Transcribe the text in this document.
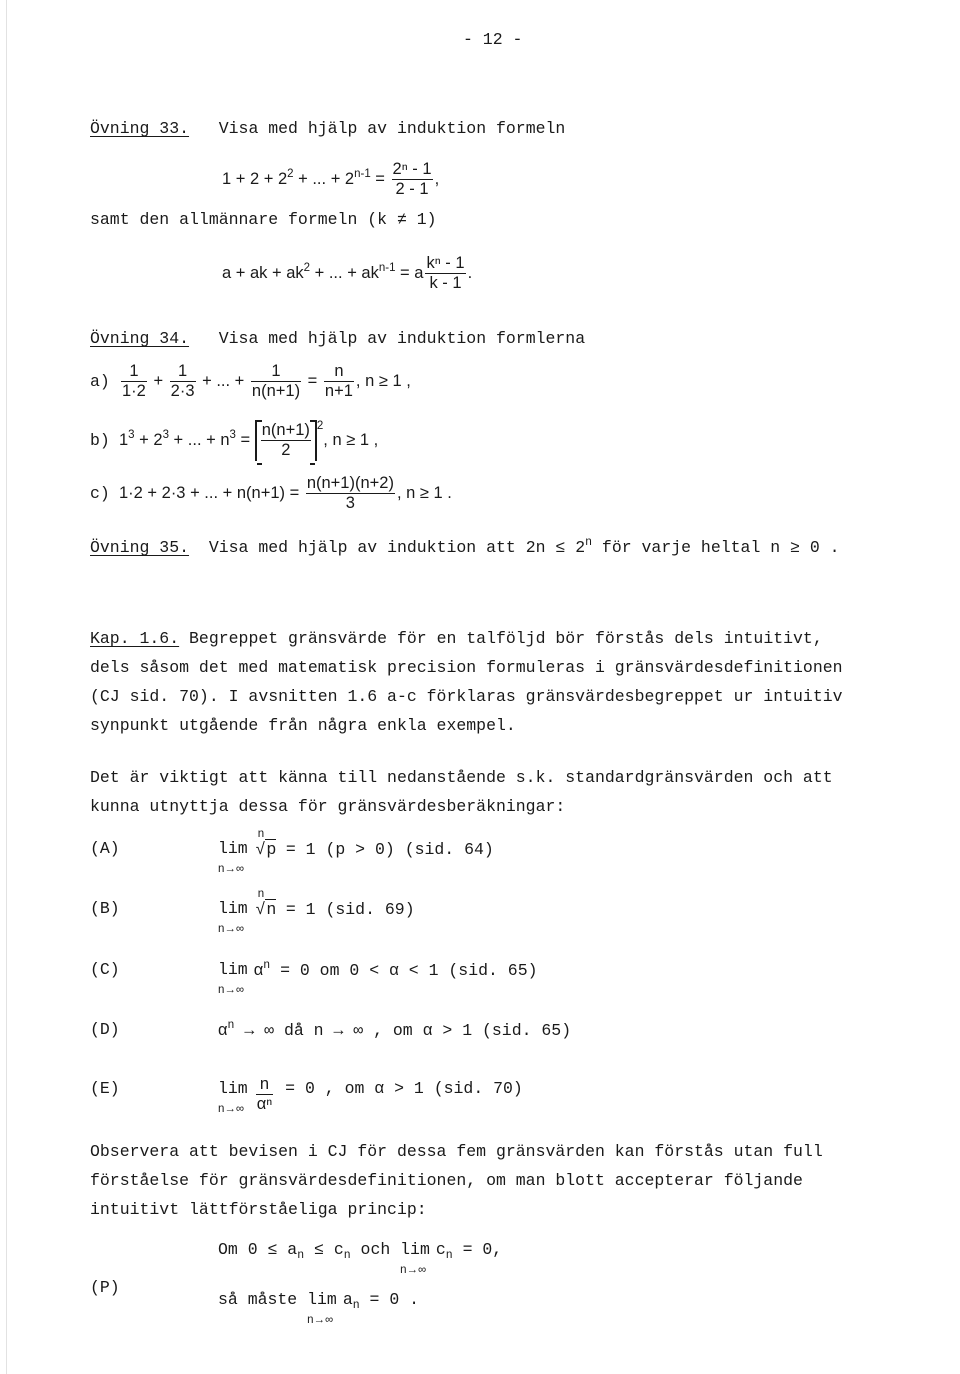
- 12 -
Övning 33. Visa med hjälp av induktion formeln
$1 + 2 + 2^2$ + ... + $2^{n-1} = \frac{\text{2ⁿ - 1}}{2 - 1}$ ,
samt den allmännare formeln (k ≠ 1)
a + ak + $ak^2$ + ... + $ak^{n-1} = a \frac{\text{kⁿ - 1}}{k - 1}$ .
Övning 34. Visa med hjälp av induktion formlerna
$a) \frac{1}{1\cdot 2} + \frac{1}{2\cdot 3}$ + ... + $\frac{1}{n(n+1)} = \frac{n}{n+1}$ , n ≥ 1 ,
b) $1^3 + 2^3$ + ... + $n^3 = \frac{n(n+1)}{2} ^2$, n ≥ 1 ,
c) 1·2 + 2·3 + ... + $n(n+1) = \frac{n(n+1)(n+2)}{3}$ , n ≥ 1 .
Övning 35. Visa med hjälp av induktion att $2n \le 2^n$ för varje heltal n ≥ 0 .
Kap. 1.6. Begreppet gränsvärde för en talföljd bör förstås dels intuitivt,
dels såsom det med matematisk precision formuleras i gränsvärdesdefinitionen
(CJ sid. 70). I avsnitten 1.6 a-c förklaras gränsvärdesbegreppet ur intuitiv
synpunkt utgående från några enkla exempel.
Det är viktigt att känna till nedanstående s.k. standardgränsvärden och att
kunna utnyttja dessa för gränsvärdesberäkningar:
(A)	lim
n→∞
n
√ p = 1 (p > 0) (sid. 64)
(B)	lim
n→∞
n
√ n = 1 (sid. 69)
(C)	lim
n→∞
$\alpha^n = 0$ om 0 < α < 1 (sid. 65)
(D)	$\alpha^n$ → ∞ då n → ∞ , om α > 1 (sid. 65)
(E)	lim
$n\to\infty \frac{n}{\text{αⁿ}} = 0$ , om α > 1 (sid. 70)
Observera att bevisen i CJ för dessa fem gränsvärden kan förstås utan full
förståelse för gränsvärdesdefinitionen, om man blott accepterar följande
intuitivt lättförståeliga princip:
(P)
Om $0 \le a_n \le c_n$ och lim
n→∞
$c_n = 0$,
så måste lim
n→∞
$a_n = 0$ .
